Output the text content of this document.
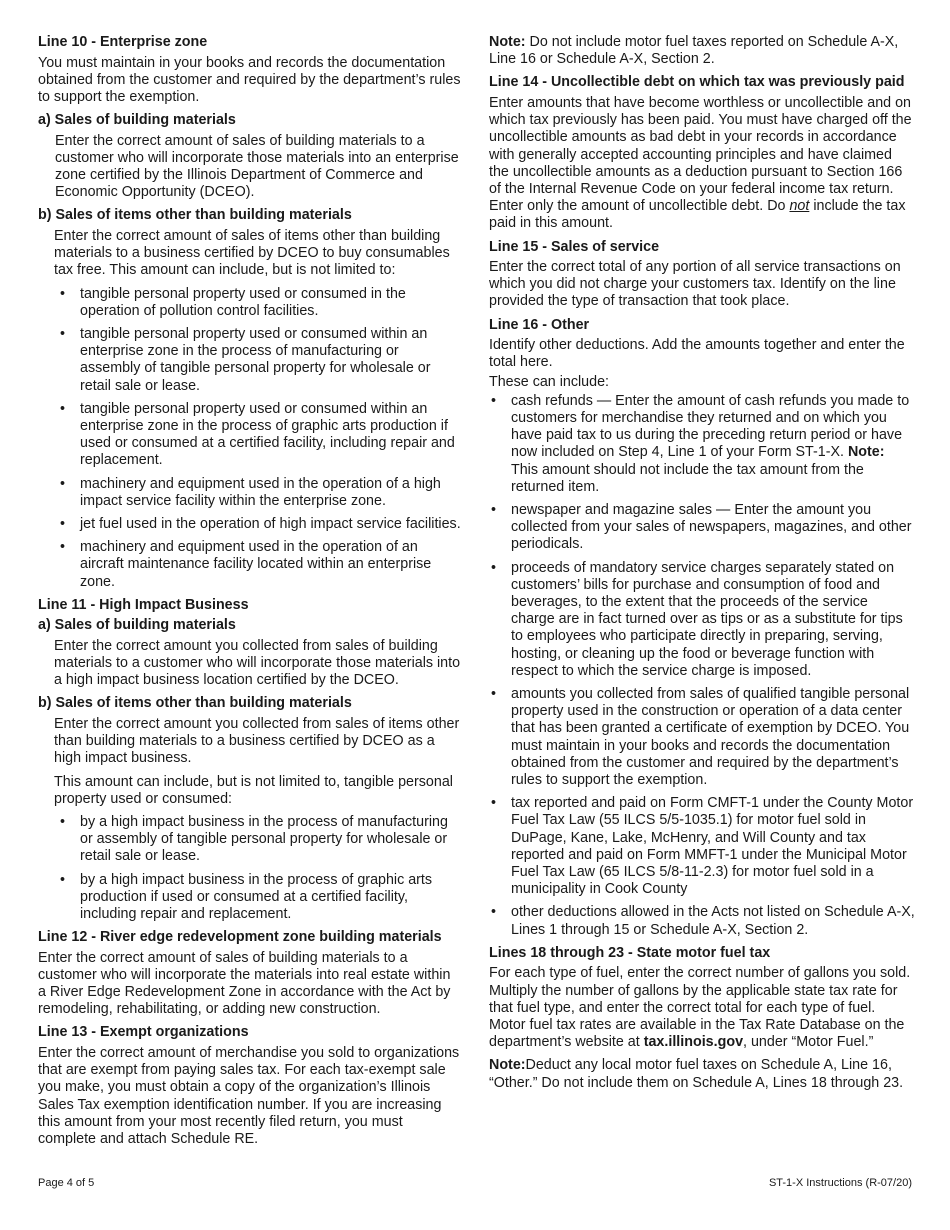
Line 10 - Enterprise zone

You must maintain in your books and records the documentation obtained from the customer and required by the department’s rules to support the exemption.

a) Sales of building materials

Enter the correct amount of sales of building materials to a customer who will incorporate those materials into an enterprise zone certified by the Illinois Department of Commerce and Economic Opportunity (DCEO).

b) Sales of items other than building materials

Enter the correct amount of sales of items other than building materials to a business certified by DCEO to buy consumables tax free. This amount can include, but is not limited to:

• tangible personal property used or consumed in the operation of pollution control facilities.
• tangible personal property used or consumed within an enterprise zone in the process of manufacturing or assembly of tangible personal property for wholesale or retail sale or lease.
• tangible personal property used or consumed within an enterprise zone in the process of graphic arts production if used or consumed at a certified facility, including repair and replacement.
• machinery and equipment used in the operation of a high impact service facility within the enterprise zone.
• jet fuel used in the operation of high impact service facilities.
• machinery and equipment used in the operation of an aircraft maintenance facility located within an enterprise zone.
Line 11 - High Impact Business
a) Sales of building materials

Enter the correct amount you collected from sales of building materials to a customer who will incorporate those materials into a high impact business location certified by the DCEO.

b) Sales of items other than building materials

Enter the correct amount you collected from sales of items other than building materials to a business certified by DCEO as a high impact business.

This amount can include, but is not limited to, tangible personal property used or consumed:

• by a high impact business in the process of manufacturing or assembly of tangible personal property for wholesale or retail sale or lease.
• by a high impact business in the process of graphic arts production if used or consumed at a certified facility, including repair and replacement.
Line 12 - River edge redevelopment zone building materials

Enter the correct amount of sales of building materials to a customer who will incorporate the materials into real estate within a River Edge Redevelopment Zone in accordance with the Act by remodeling, rehabilitating, or adding new construction.

Line 13 - Exempt organizations

Enter the correct amount of merchandise you sold to organizations that are exempt from paying sales tax. For each tax-exempt sale you make, you must obtain a copy of the organization’s Illinois Sales Tax exemption identification number. If you are increasing this amount from your most recently filed return, you must complete and attach Schedule RE.

Note: Do not include motor fuel taxes reported on Schedule A-X, Line 16 or Schedule A-X, Section 2.

Line 14 - Uncollectible debt on which tax was previously paid

Enter amounts that have become worthless or uncollectible and on which tax previously has been paid. You must have charged off the uncollectible amounts as bad debt in your records in accordance with generally accepted accounting principles and have claimed the uncollectible amounts as a deduction pursuant to Section 166 of the Internal Revenue Code on your federal income tax return. Enter only the amount of uncollectible debt. Do not include the tax paid in this amount.

Line 15 - Sales of service

Enter the correct total of any portion of all service transactions on which you did not charge your customers tax. Identify on the line provided the type of transaction that took place.

Line 16 - Other

Identify other deductions. Add the amounts together and enter the total here.

These can include:

• cash refunds — Enter the amount of cash refunds you made to customers for merchandise they returned and on which you have paid tax to us during the preceding return period or have now included on Step 4, Line 1 of your Form ST-1-X. Note: This amount should not include the tax amount from the returned item.
• newspaper and magazine sales — Enter the amount you collected from your sales of newspapers, magazines, and other periodicals.
• proceeds of mandatory service charges separately stated on customers’ bills for purchase and consumption of food and beverages, to the extent that the proceeds of the service charge are in fact turned over as tips or as a substitute for tips to employees who participate directly in preparing, serving, hosting, or cleaning up the food or beverage function with respect to which the service charge is imposed.
• amounts you collected from sales of qualified tangible personal property used in the construction or operation of a data center that has been granted a certificate of exemption by DCEO. You must maintain in your books and records the documentation obtained from the customer and required by the department’s rules to support the exemption.
• tax reported and paid on Form CMFT-1 under the County Motor Fuel Tax Law (55 ILCS 5/5-1035.1) for motor fuel sold in DuPage, Kane, Lake, McHenry, and Will County and tax reported and paid on Form MMFT-1 under the Municipal Motor Fuel Tax Law (65 ILCS 5/8-11-2.3) for motor fuel sold in a municipality in Cook County
• other deductions allowed in the Acts not listed on Schedule A-X, Lines 1 through 15 or Schedule A-X, Section 2.
Lines 18 through 23 - State motor fuel tax

For each type of fuel, enter the correct number of gallons you sold. Multiply the number of gallons by the applicable state tax rate for that fuel type, and enter the correct total for each type of fuel. Motor fuel tax rates are available in the Tax Rate Database on the department’s website at tax.illinois.gov, under “Motor Fuel.”

Note:Deduct any local motor fuel taxes on Schedule A, Line 16, “Other.” Do not include them on Schedule A, Lines 18 through 23.

Page 4 of 5	ST-1-X Instructions (R-07/20)
